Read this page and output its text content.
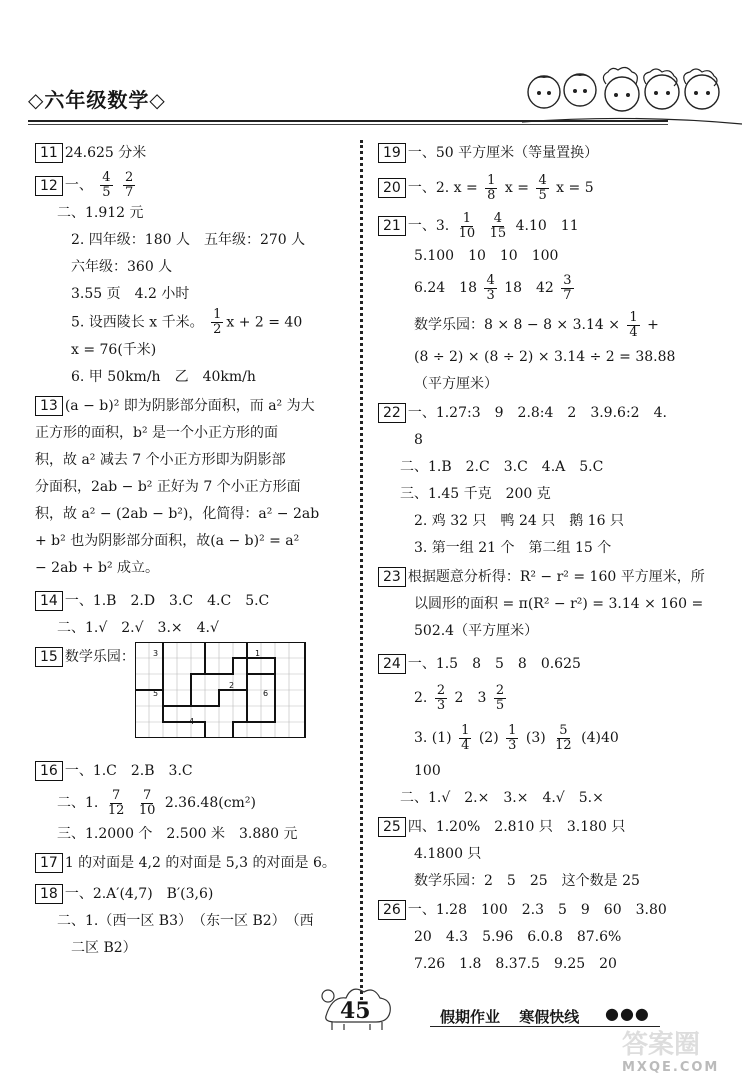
◇六年级数学◇
11 24.625 分米
12 一、 $\frac{4}{5}$
$\frac{2}{7}$
二、1.912 元
2. 四年级：180 人　五年级：270 人
六年级：360 人
3.55 页　4.2 小时
5. 设西陵长 x 千米。 $\frac{1}{2}$ x + 2 = 40
x = 76(千米)
6. 甲 50km/h　乙　40km/h
13 (a − b)² 即为阴影部分面积，而 a² 为大
正方形的面积，b² 是一个小正方形的面
积，故 a² 减去 7 个小正方形即为阴影部
分面积，2ab − b² 正好为 7 个小正方形面
积，故 a² − (2ab − b²)，化简得：a² − 2ab
+ b² 也为阴影部分面积，故(a − b)² = a²
− 2ab + b² 成立。
14 一、1.B　2.D　3.C　4.C　5.C
二、1.√　2.√　3.×　4.√
15 数学乐园：	3	1
2
5	6
4
16 一、1.C　2.B　3.C
二、1. $\frac{7}{12}$
$\frac{7}{10} 2.36.48(cm^2)$
三、1.2000 个　2.500 米　3.880 元
17 1 的对面是 4,2 的对面是 5,3 的对面是 6。
18 一、2.A′(4,7)　B′(3,6)
二、1.（西一区 B3）　（东一区 B2）　（西
二区 B2）
19 一、50 平方厘米（等量置换）
20 一、2. $x = \frac{1}{8}$ $x = \frac{4}{5}$ x = 5
21 一、3. $\frac{1}{10}$
$\frac{4}{15} 4.10$　11
5.100　10　10　100
6.24　$18 \frac{4}{3} 18$　$42 \frac{3}{7}$
数学乐园：$8 \times 8 - 8 \times 3.14 \times \frac{1}{4}$ +
(8 ÷ 2) × (8 ÷ 2) × 3.14 ÷ 2 = 38.88
（平方厘米）
22 一、1.27:3　9　2.8:4　2　3.9.6:2　4.
8
二、1.B　2.C　3.C　4.A　5.C
三、1.45 千克　200 克
2. 鸡 32 只　鸭 24 只　鹅 16 只
3. 第一组 21 个　第二组 15 个
23 根据题意分析得：R² − r² = 160 平方厘米，所
以圆形的面积 = π(R² − r²) = 3.14 × 160 =
502.4（平方厘米）
24 一、1.5　8　5　8　0.625
2. $\frac{2}{3} 2$　$3 \frac{2}{5}$
3. $(1) \frac{1}{4} (2) \frac{1}{3} (3) \frac{5}{12} (4)40$
100
二、1.√　2.×　3.×　4.√　5.×
25 四、1.20%　2.810 只　3.180 只
4.1800 只
数学乐园：2　5　25　这个数是 25
26 一、1.28　100　2.3　5　9　60　3.80
20　4.3　5.96　6.0.8　87.6%
7.26　1.8　8.37.5　9.25　20
45	假期作业 寒假快线 ●●●
答案圈
MXQE.COM
